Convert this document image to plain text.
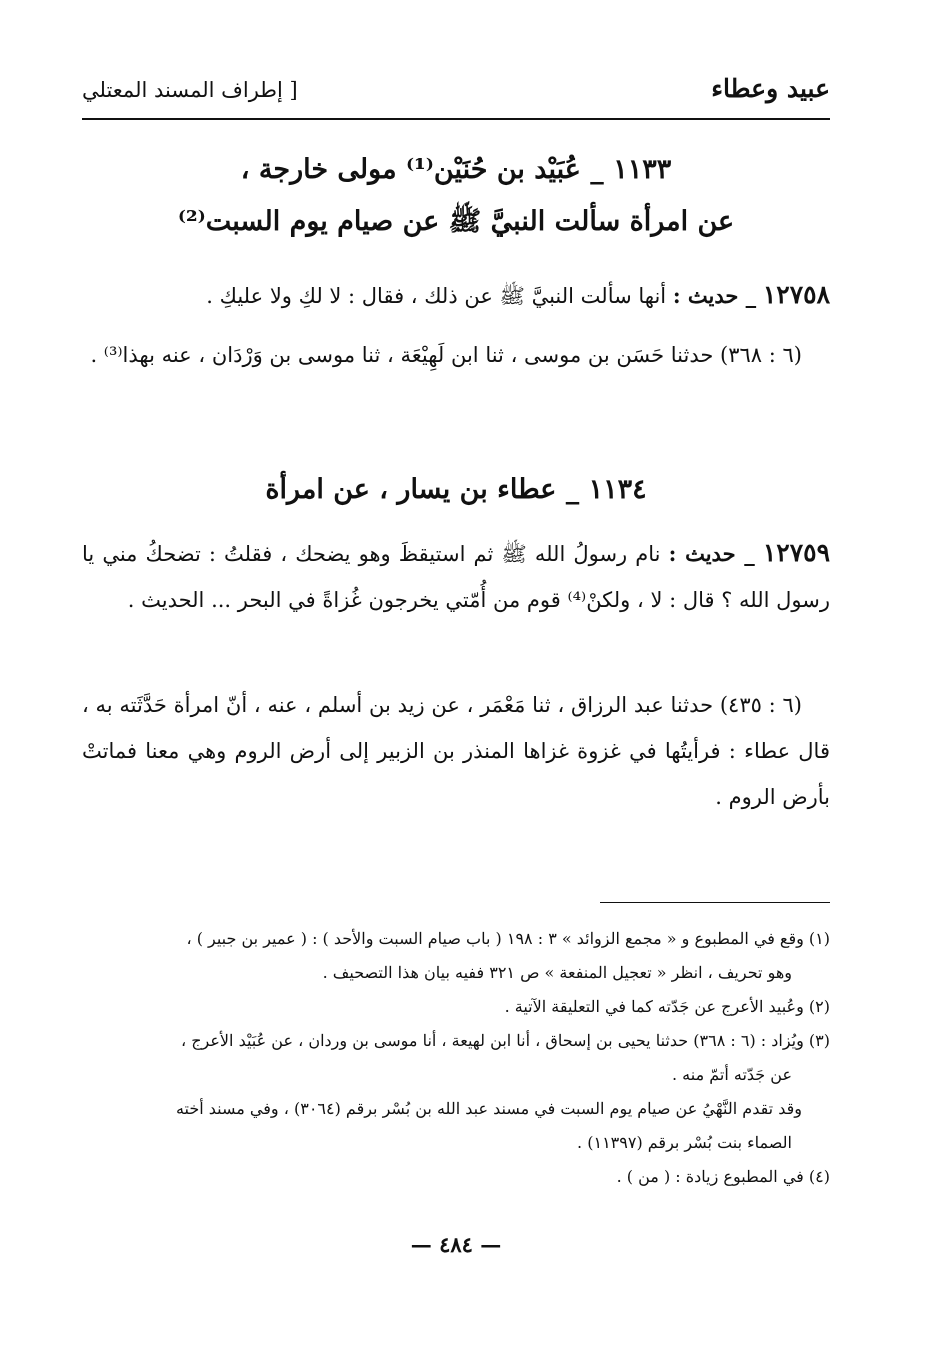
عبيد وعطاء
[ إطراف المسند المعتلي
١١٣٣ _ عُبَيْد بن حُنَيْن⁽¹⁾ مولى خارجة ،
عن امرأة سألت النبيَّ ﷺ عن صيام يوم السبت⁽²⁾
١٢٧٥٨ _ حديث : أنها سألت النبيَّ ﷺ عن ذلك ، فقال : لا لكِ ولا عليكِ .
(٦ : ٣٦٨) حدثنا حَسَن بن موسى ، ثنا ابن لَهِيْعَة ، ثنا موسى بن وَرْدَان ، عنه بهذا⁽³⁾ .
١١٣٤ _ عطاء بن يسار ، عن امرأة
١٢٧٥٩ _ حديث : نام رسولُ الله ﷺ ثم استيقظَ وهو يضحك ، فقلتُ : تضحكُ مني يا رسول الله ؟ قال : لا ، ولكنْ⁽⁴⁾ قوم من أُمّتي يخرجون غُزاةً في البحر ... الحديث .
(٦ : ٤٣٥) حدثنا عبد الرزاق ، ثنا مَعْمَر ، عن زيد بن أسلم ، عنه ، أنّ امرأة حَدَّثَته به ، قال عطاء : فرأيتُها في غزوة غزاها المنذر بن الزبير إلى أرض الروم وهي معنا فماتتْ بأرض الروم .
(١) وقع في المطبوع و « مجمع الزوائد » ٣ : ١٩٨ ( باب صيام السبت والأحد ) : ( عمير بن جبير ) ،
وهو تحريف ، انظر « تعجيل المنفعة » ص ٣٢١ ففيه بيان هذا التصحيف .
(٢) وعُبيد الأعرج عن جَدّته كما في التعليقة الآتية .
(٣) ويُزاد : (٦ : ٣٦٨) حدثنا يحيى بن إسحاق ، أنا ابن لهيعة ، أنا موسى بن وردان ، عن عُبَيْد الأعرج ،
عن جَدّته أتمّ منه .
وقد تقدم النَّهْيُ عن صيام يوم السبت في مسند عبد الله بن بُسْر برقم (٣٠٦٤) ، وفي مسند أخته
الصماء بنت بُسْر برقم (١١٣٩٧) .
(٤) في المطبوع زيادة : ( من ) .
— ٤٨٤ —
